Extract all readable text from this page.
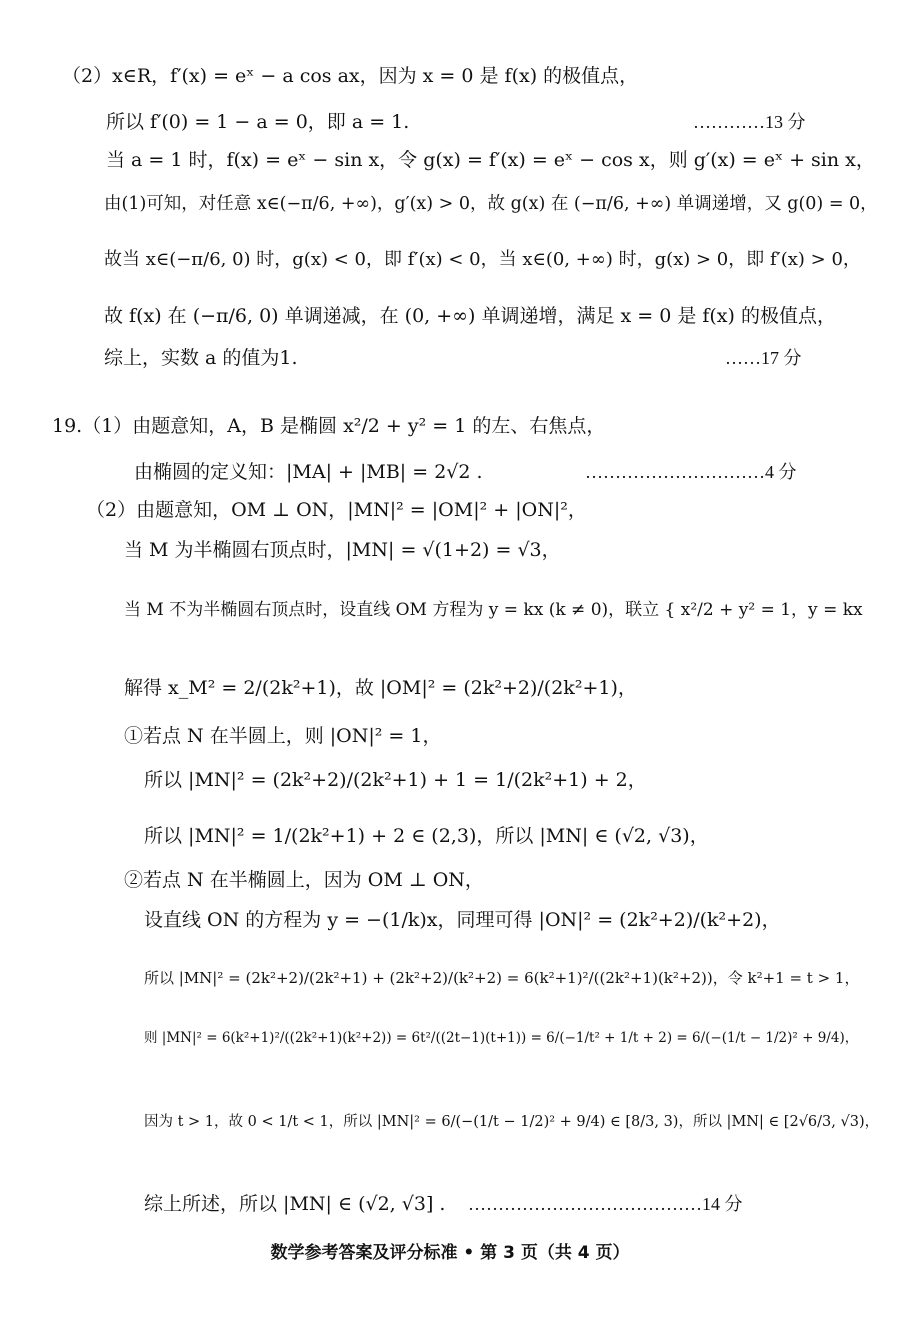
（2）x∈R，f′(x) = eˣ − a cos ax，因为 x = 0 是 f(x) 的极值点，
所以 f′(0) = 1 − a = 0，即 a = 1.	…………13 分
当 a = 1 时，f(x) = eˣ − sin x，令 g(x) = f′(x) = eˣ − cos x，则 g′(x) = eˣ + sin x，
由(1)可知，对任意 x∈(−π/6, +∞)，g′(x) > 0，故 g(x) 在 (−π/6, +∞) 单调递增，又 g(0) = 0，
故当 x∈(−π/6, 0) 时，g(x) < 0，即 f′(x) < 0，当 x∈(0, +∞) 时，g(x) > 0，即 f′(x) > 0，
故 f(x) 在 (−π/6, 0) 单调递减，在 (0, +∞) 单调递增，满足 x = 0 是 f(x) 的极值点，
综上，实数 a 的值为1.	……17 分
19.（1）由题意知，A，B 是椭圆 x²/2 + y² = 1 的左、右焦点，
由椭圆的定义知：|MA| + |MB| = 2√2 .	…………………………4 分
（2）由题意知，OM ⊥ ON，|MN|² = |OM|² + |ON|²，
当 M 为半椭圆右顶点时，|MN| = √(1+2) = √3，
当 M 不为半椭圆右顶点时，设直线 OM 方程为 y = kx (k ≠ 0)，联立 { x²/2 + y² = 1，y = kx
解得 x_M² = 2/(2k²+1)，故 |OM|² = (2k²+2)/(2k²+1)，
①若点 N 在半圆上，则 |ON|² = 1，
所以 |MN|² = (2k²+2)/(2k²+1) + 1 = 1/(2k²+1) + 2，
所以 |MN|² = 1/(2k²+1) + 2 ∈ (2,3)，所以 |MN| ∈ (√2, √3)，
②若点 N 在半椭圆上，因为 OM ⊥ ON，
设直线 ON 的方程为 y = −(1/k)x，同理可得 |ON|² = (2k²+2)/(k²+2)，
所以 |MN|² = (2k²+2)/(2k²+1) + (2k²+2)/(k²+2) = 6(k²+1)²/((2k²+1)(k²+2))，令 k²+1 = t > 1，
则 |MN|² = 6(k²+1)²/((2k²+1)(k²+2)) = 6t²/((2t−1)(t+1)) = 6/(−1/t² + 1/t + 2) = 6/(−(1/t − 1/2)² + 9/4)，
因为 t > 1，故 0 < 1/t < 1，所以 |MN|² = 6/(−(1/t − 1/2)² + 9/4) ∈ [8/3, 3)，所以 |MN| ∈ [2√6/3, √3)，
综上所述，所以 |MN| ∈ (√2, √3] . …………………………………14 分
数学参考答案及评分标准 • 第 3 页（共 4 页）
